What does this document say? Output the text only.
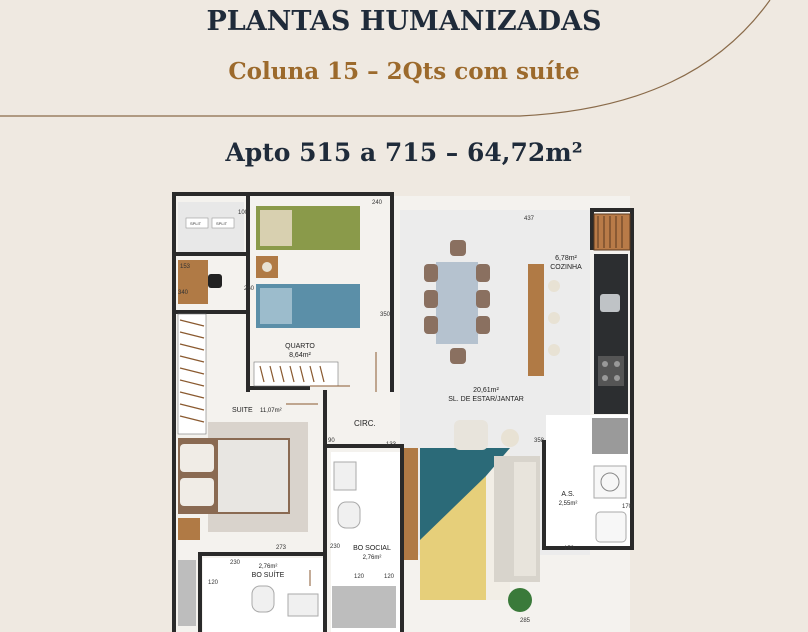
PLANTAS HUMANIZADAS
Coluna 15 – 2Qts com suíte
Apto 515 a 715 – 64,72m²
SPLIT	SPLIT
QUARTO
8,64m²
6,78m²
COZINHA
20,61m²
SL. DE ESTAR/JANTAR
SUITE 11,07m²
CIRC.
A.S.
2,55m²
BO SOCIAL
2,76m²
2,76m²
BO SUÍTE
240
437
100
153
260
340
350
90
133
358
273
230
230
120
120	120
170
150
285
